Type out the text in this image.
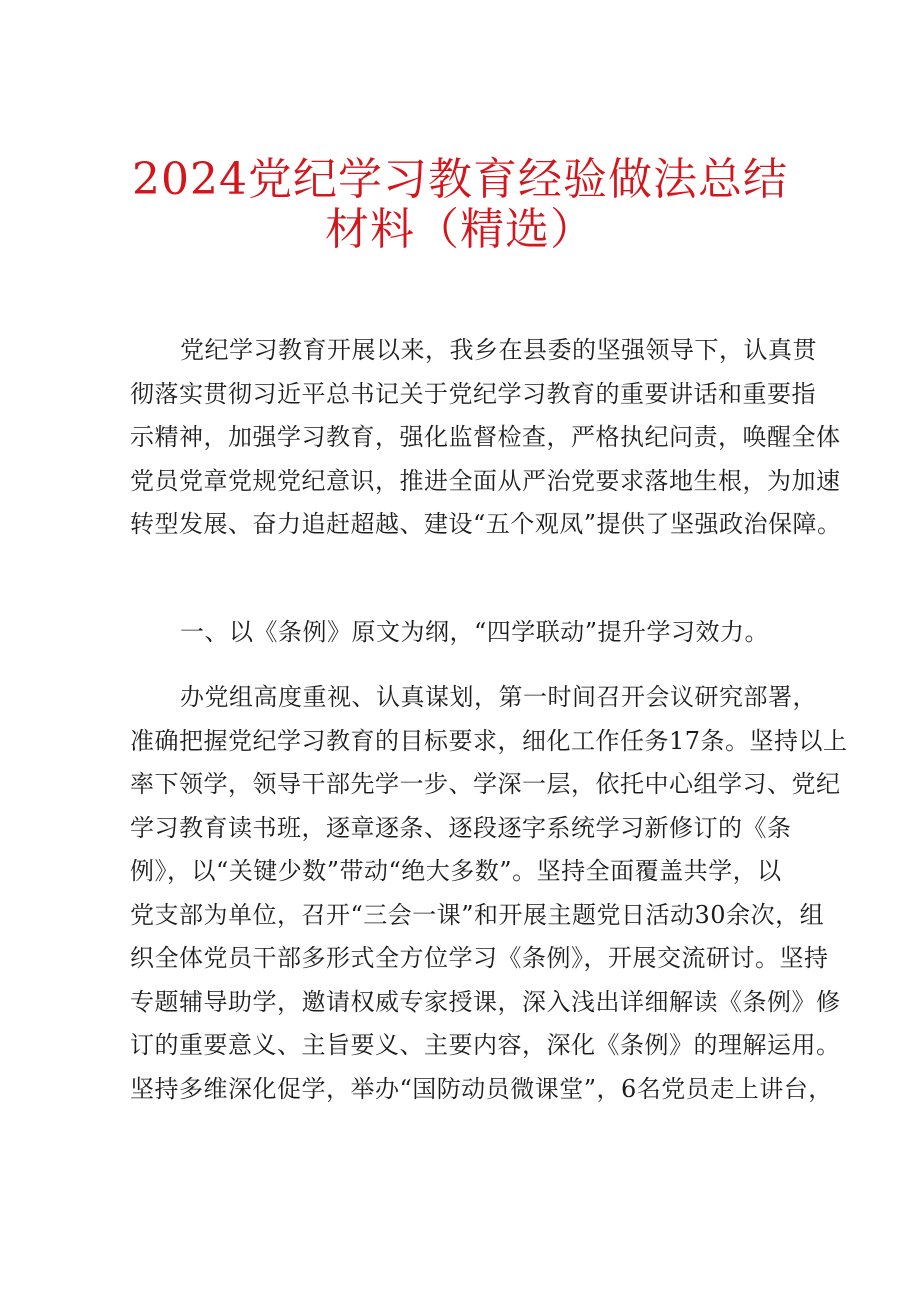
2024党纪学习教育经验做法总结
材料（精选）
党纪学习教育开展以来，我乡在县委的坚强领导下，认真贯
彻落实贯彻习近平总书记关于党纪学习教育的重要讲话和重要指
示精神，加强学习教育，强化监督检查，严格执纪问责，唤醒全体
党员党章党规党纪意识，推进全面从严治党要求落地生根，为加速
转型发展、奋力追赶超越、建设“五个观凤”提供了坚强政治保障。
一、以《条例》原文为纲，“四学联动”提升学习效力。
办党组高度重视、认真谋划，第一时间召开会议研究部署，
准确把握党纪学习教育的目标要求，细化工作任务17条。坚持以上
率下领学，领导干部先学一步、学深一层，依托中心组学习、党纪
学习教育读书班，逐章逐条、逐段逐字系统学习新修订的《条
例》，以“关键少数”带动“绝大多数”。坚持全面覆盖共学，以
党支部为单位，召开“三会一课”和开展主题党日活动30余次，组
织全体党员干部多形式全方位学习《条例》，开展交流研讨。坚持
专题辅导助学，邀请权威专家授课，深入浅出详细解读《条例》修
订的重要意义、主旨要义、主要内容，深化《条例》的理解运用。
坚持多维深化促学，举办“国防动员微课堂”，6名党员走上讲台，
